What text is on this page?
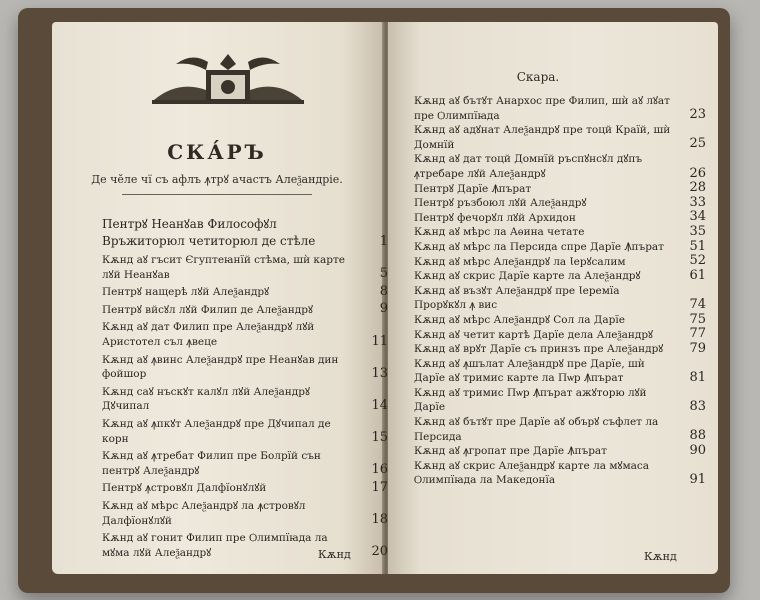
СКА́РЪ
Де чӗле чї съ афлъ ꙟтрꙋ ачастъ Алеѯандріе.
Пентрꙋ Неанꙋав Философꙋл Връжиторюл четиторюл де стѣле	1
Кѫнд аꙋ гъсит Єгуптеꙗнїй стѣма, шѝ карте лꙋй Неанꙋав	5
Пентрꙋ нащерѣ лꙋй Алеѯандрꙋ	8
Пентрꙋ вйсꙋл лꙋй Филип де Алеѯандрꙋ	9
Кѫнд аꙋ дат Филип пре Алеѯандрꙋ лꙋй Аристотел съл ꙟвеце	11
Кѫнд аꙋ ꙟвинс Алеѯандрꙋ пре Неанꙋав дин фойшор	13
Кѫнд саꙋ нъскꙋт калꙋл лꙋй Алеѯандрꙋ Дꙋчипал	14
Кѫнд аꙋ ꙟпкꙋт Алеѯандрꙋ пре Дꙋчипал де корн	15
Кѫнд аꙋ ꙟтребат Филип пре Болрїй сън пентрꙋ Алеѯандрꙋ	16
Пентрꙋ ꙟстровꙋл Далфїонꙋлꙋй	17
Кѫнд аꙋ мѣрс Алеѯандрꙋ ла ꙟстровꙋл Далфїонꙋлꙋй	18
Кѫнд аꙋ гонит Филип пре Ѻлимпїꙗда ла мꙋма лꙋй Алеѯандрꙋ	20
Кѫнд
Скара.
Кѫнд аꙋ бътꙋт Анархос пре Филип, шѝ аꙋ лꙋат пре Ѻлимпїꙗда	23
Кѫнд аꙋ адꙋнат Алеѯандрꙋ пре тоцй Країй, шѝ Домнїй	25
Кѫнд аꙋ дат тоцй Домнїй ръспꙋнсꙋл дꙋпъ ꙟтребаре лꙋй Алеѯандрꙋ	26
Пентрꙋ Дарїе Ꙟпърат	28
Пентрꙋ ръзбоюл лꙋй Алеѯандрꙋ	33
Пентрꙋ фечорꙋл лꙋй Архидон	34
Кѫнд аꙋ мѣрс ла Аѳина четате	35
Кѫнд аꙋ мѣрс ла Персида спре Дарїе Ꙟпърат 51
Кѫнд аꙋ мѣрс Алеѯандрꙋ ла Ꙇерꙋсалим	52
Кѫнд аꙋ скрис Дарїе карте ла Алеѯандрꙋ	61
Кѫнд аꙋ възꙋт Алеѯандрꙋ пре Ꙇеремїа Прорꙋкꙋл ꙟ вис	74
Кѫнд аꙋ мѣрс Алеѯандрꙋ Сол ла Дарїе	75
Кѫнд аꙋ четит картѣ Дарїе дела Алеѯандрꙋ	77
Кѫнд аꙋ врꙋт Дарїе съ принзъ пре Алеѯандрꙋ 79
Кѫнд аꙋ ꙟшълат Алеѯандрꙋ пре Дарїе, шѝ Дарїе аꙋ тримис карте ла Пѡр Ꙟпърат	81
Кѫнд аꙋ тримис Пѡр Ꙟпърат ажꙋторю лꙋй Дарїе	83
Кѫнд аꙋ бътꙋт пре Дарїе аꙋ обърꙋ съфлет ла Персида	88
Кѫнд аꙋ ꙟгропат пре Дарїе Ꙟпърат	90
Кѫнд аꙋ скрис Алеѯандрꙋ карте ла мꙋмаса Ѻлимпїꙗда ла Македонїа	91
Кѫнд
